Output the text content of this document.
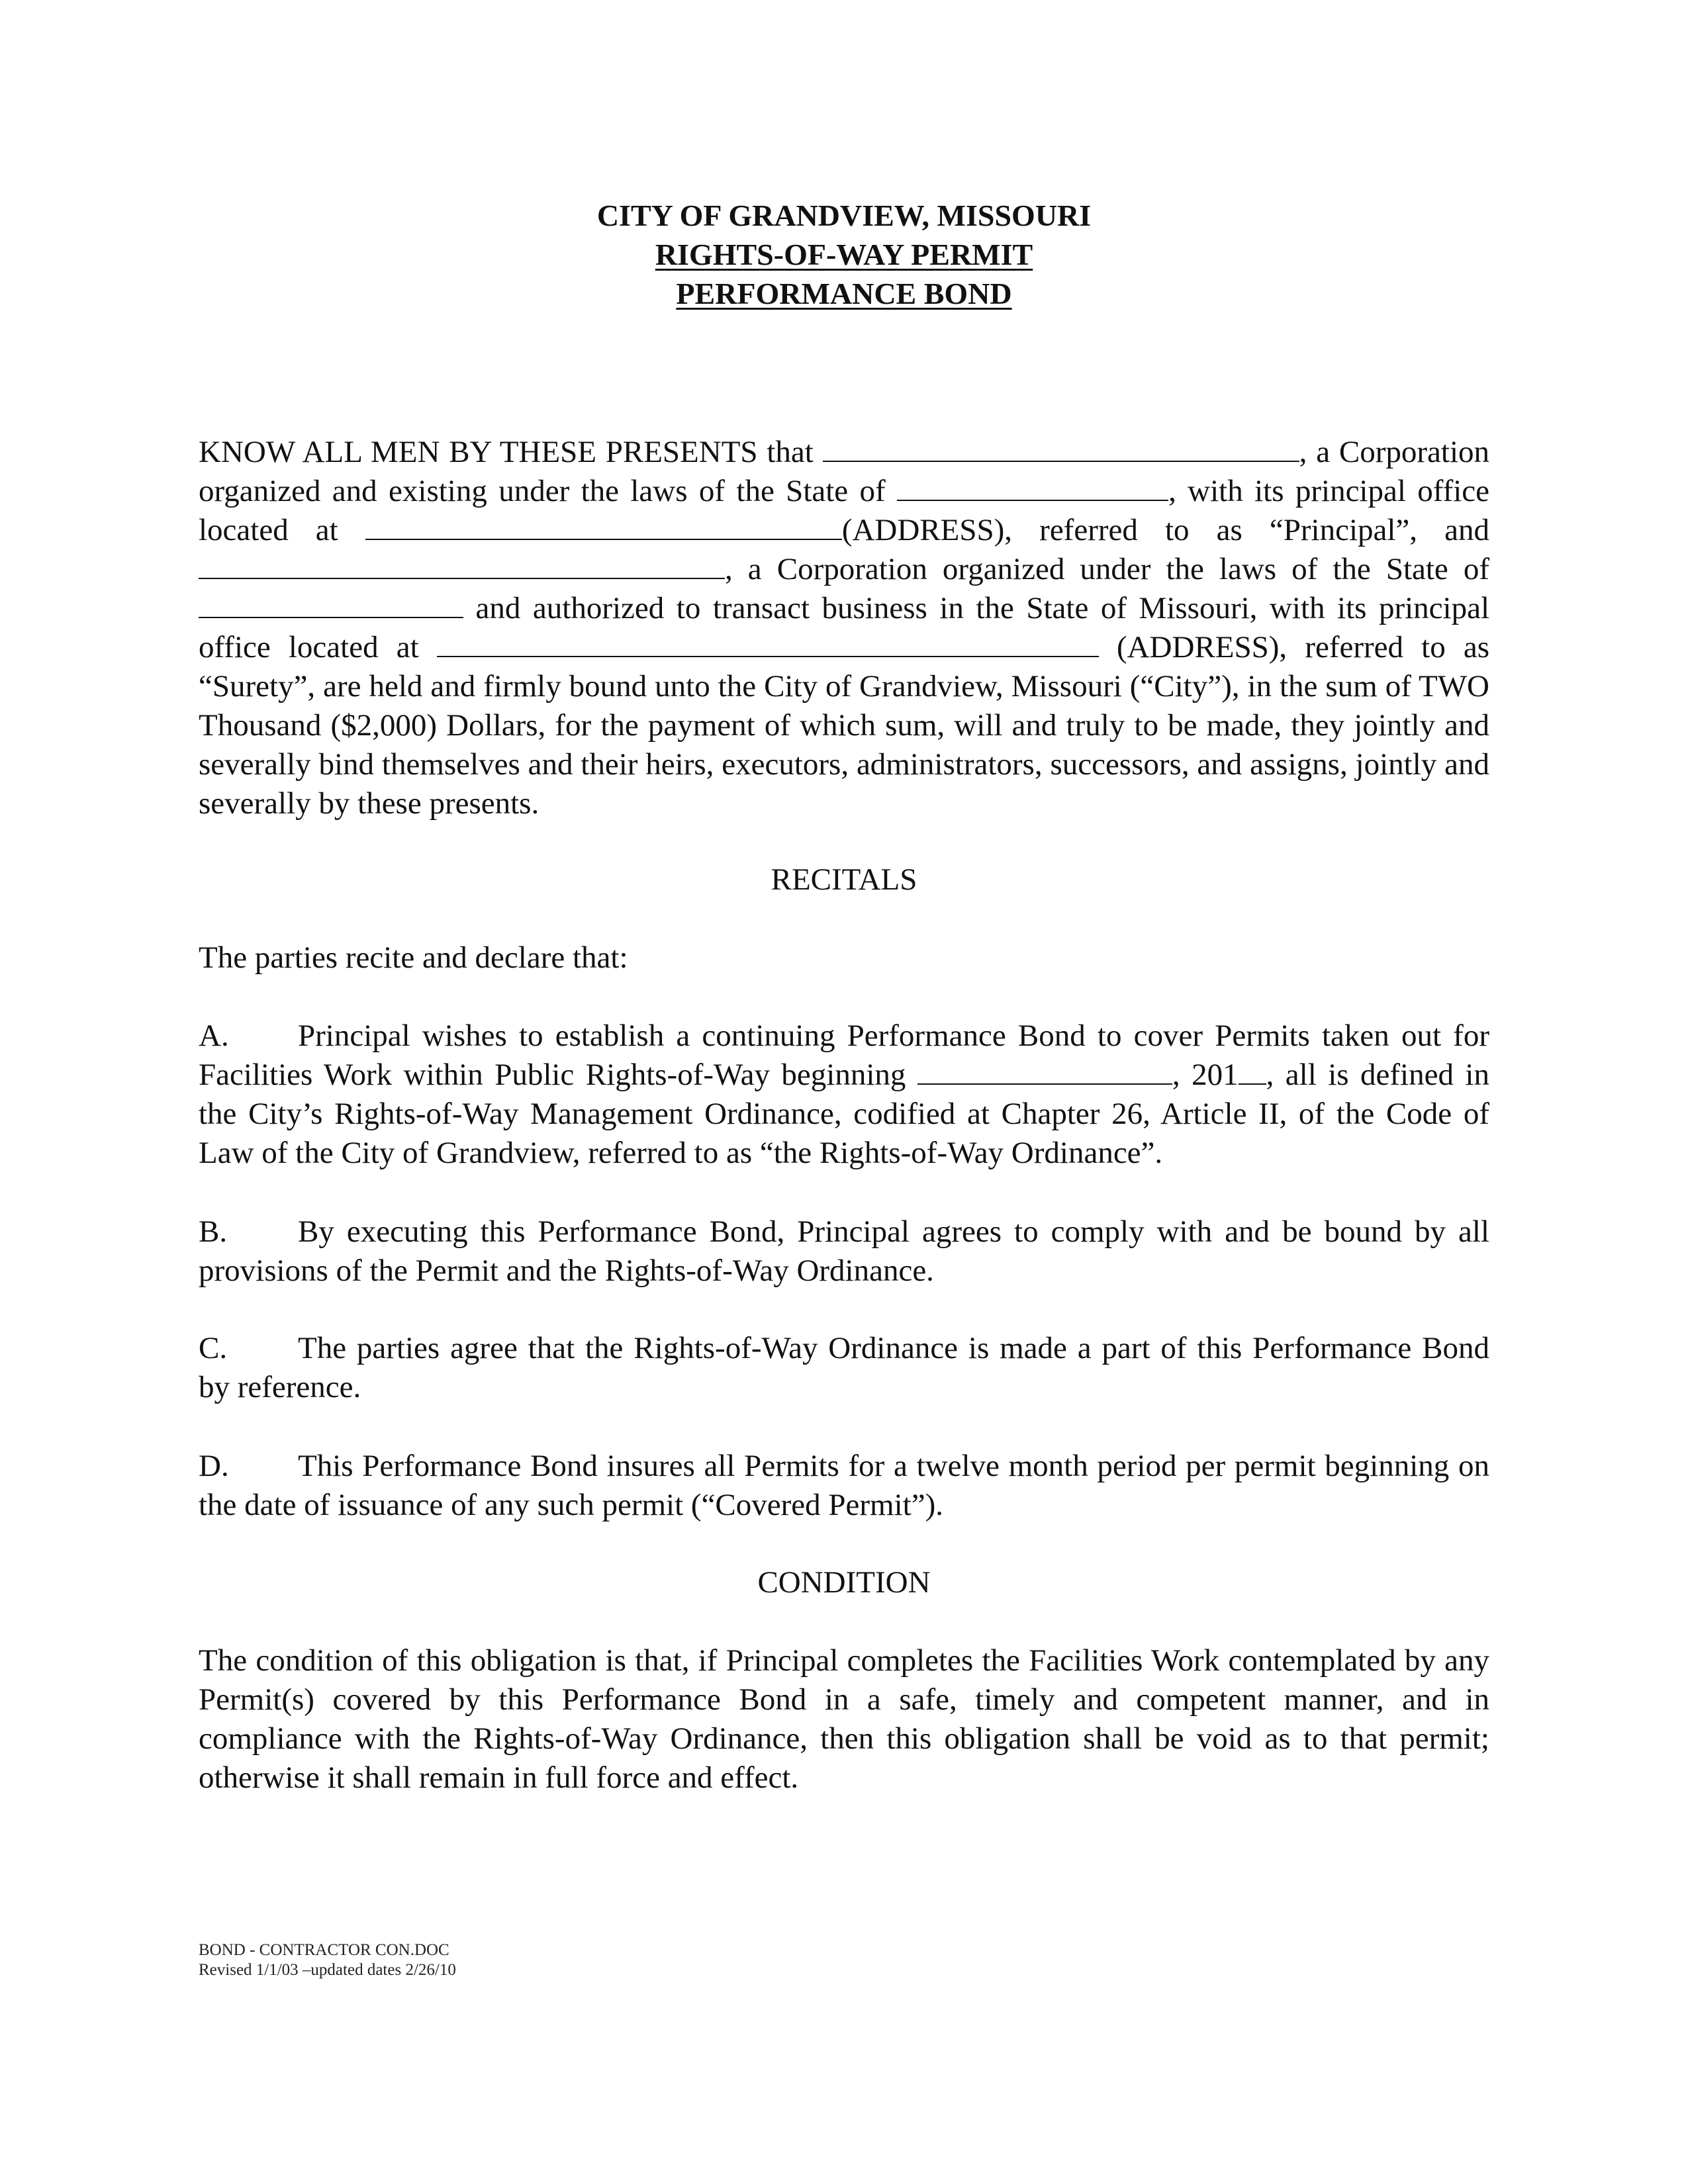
CITY OF GRANDVIEW, MISSOURI
RIGHTS-OF-WAY PERMIT
PERFORMANCE BOND

KNOW ALL MEN BY THESE PRESENTS that	, a Corporation organized and existing under the laws of the State of	, with its principal office located at	(ADDRESS), referred to as “Principal”, and , a Corporation organized under the laws of the State of  and authorized to transact business in the State of Missouri, with its principal office located at	(ADDRESS), referred to as “Surety”, are held and firmly bound unto the City of Grandview, Missouri (“City”), in the sum of TWO Thousand ($2,000) Dollars, for the payment of which sum, will and truly to be made, they jointly and severally bind themselves and their heirs, executors, administrators, successors, and assigns, jointly and severally by these presents.

RECITALS

The parties recite and declare that:

A. Principal wishes to establish a continuing Performance Bond to cover Permits taken out for Facilities Work within Public Rights-of-Way beginning	, 201 , all is defined in the City’s Rights-of-Way Management Ordinance, codified at Chapter 26, Article II, of the Code of Law of the City of Grandview, referred to as “the Rights-of-Way Ordinance”.

B. By executing this Performance Bond, Principal agrees to comply with and be bound by all provisions of the Permit and the Rights-of-Way Ordinance.

C. The parties agree that the Rights-of-Way Ordinance is made a part of this Performance Bond by reference.

D. This Performance Bond insures all Permits for a twelve month period per permit beginning on the date of issuance of any such permit (“Covered Permit”).

CONDITION

The condition of this obligation is that, if Principal completes the Facilities Work contemplated by any Permit(s) covered by this Performance Bond in a safe, timely and competent manner, and in compliance with the Rights-of-Way Ordinance, then this obligation shall be void as to that permit; otherwise it shall remain in full force and effect.

BOND - CONTRACTOR CON.DOC
Revised 1/1/03 –updated dates 2/26/10
